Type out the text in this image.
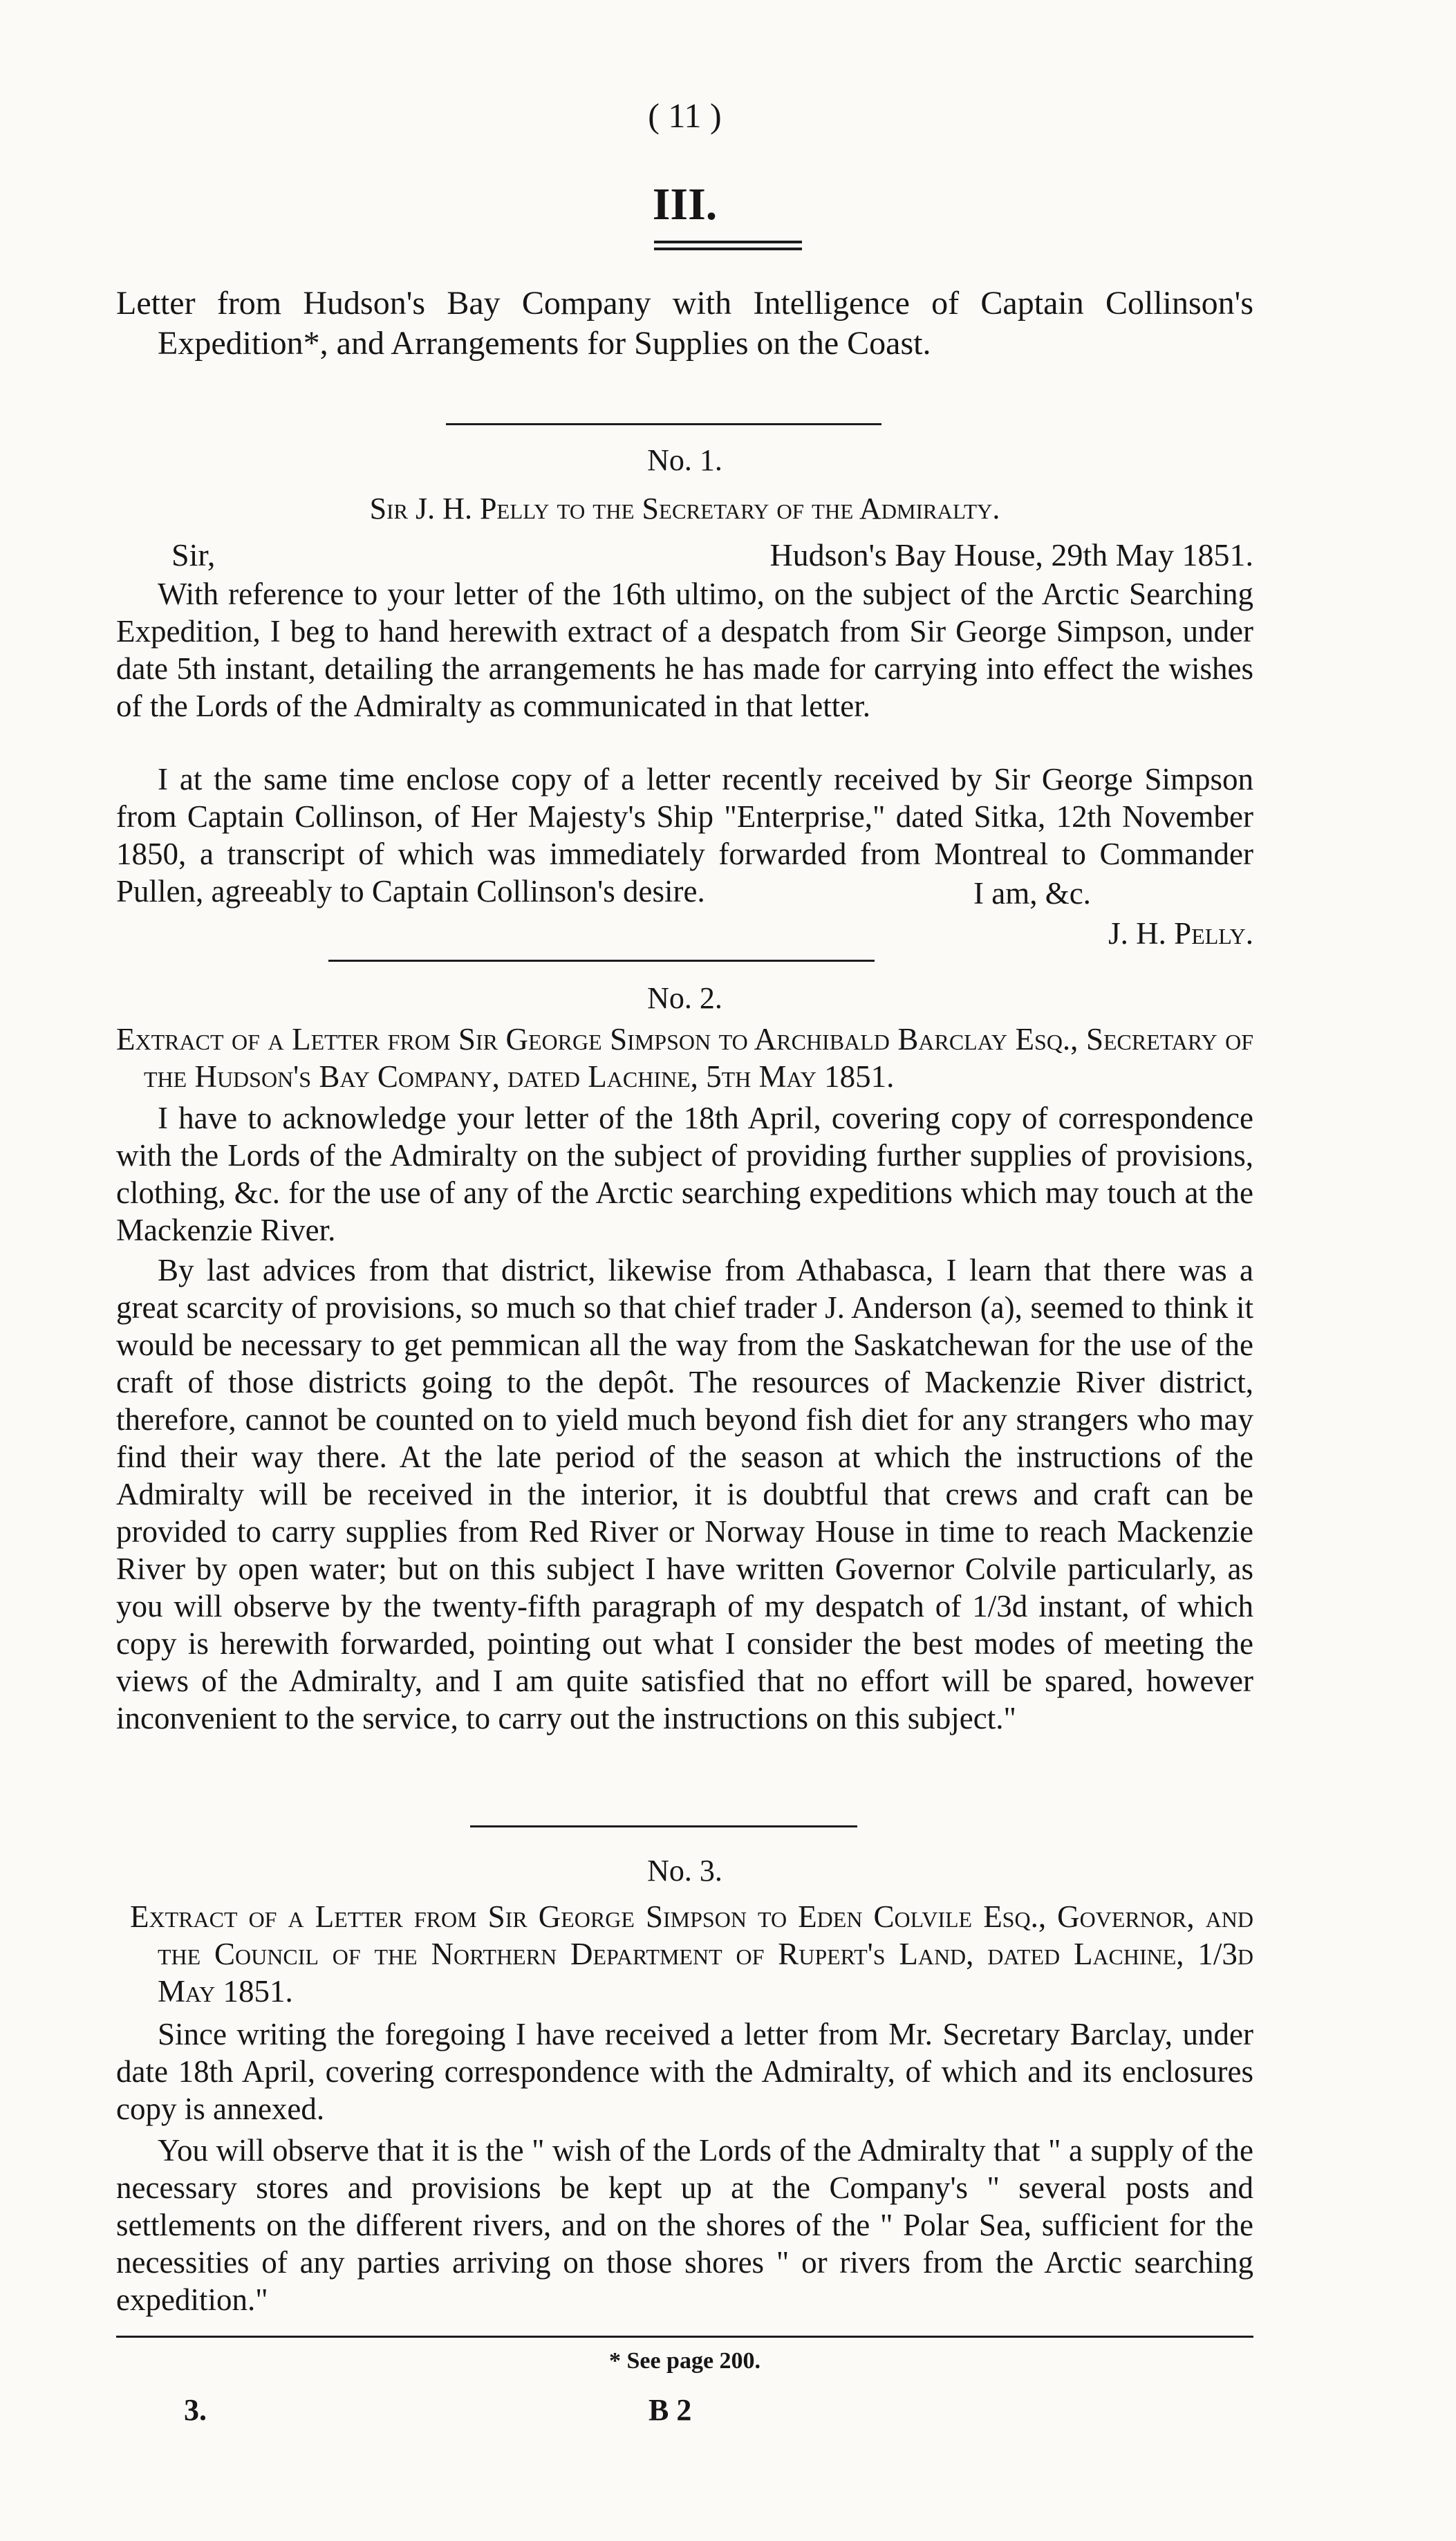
( 11 )
III.

Letter from Hudson's Bay Company with Intelligence of Captain Collinson's Expedition*, and Arrangements for Supplies on the Coast.

No. 1.
Sir J. H. Pelly to the Secretary of the Admiralty.
Sir,	Hudson's Bay House, 29th May 1851.

With reference to your letter of the 16th ultimo, on the subject of the Arctic Searching Expedition, I beg to hand herewith extract of a despatch from Sir George Simpson, under date 5th instant, detailing the arrangements he has made for carrying into effect the wishes of the Lords of the Admiralty as communicated in that letter.

I at the same time enclose copy of a letter recently received by Sir George Simpson from Captain Collinson, of Her Majesty's Ship "Enterprise," dated Sitka, 12th November 1850, a transcript of which was immediately forwarded from Montreal to Commander Pullen, agreeably to Captain Collinson's desire.	I am, &c.
J. H. Pelly.
No. 2.

Extract of a Letter from Sir George Simpson to Archibald Barclay Esq., Secretary of the Hudson's Bay Company, dated Lachine, 5th May 1851.

I have to acknowledge your letter of the 18th April, covering copy of correspondence with the Lords of the Admiralty on the subject of providing further supplies of provisions, clothing, &c. for the use of any of the Arctic searching expeditions which may touch at the Mackenzie River.

By last advices from that district, likewise from Athabasca, I learn that there was a great scarcity of provisions, so much so that chief trader J. Anderson (a), seemed to think it would be necessary to get pemmican all the way from the Saskatchewan for the use of the craft of those districts going to the depôt. The resources of Mackenzie River district, therefore, cannot be counted on to yield much beyond fish diet for any strangers who may find their way there. At the late period of the season at which the instructions of the Admiralty will be received in the interior, it is doubtful that crews and craft can be provided to carry supplies from Red River or Norway House in time to reach Mackenzie River by open water; but on this subject I have written Governor Colvile particularly, as you will observe by the twenty-fifth paragraph of my despatch of 1/3d instant, of which copy is herewith forwarded, pointing out what I consider the best modes of meeting the views of the Admiralty, and I am quite satisfied that no effort will be spared, however inconvenient to the service, to carry out the instructions on this subject."

No. 3.

Extract of a Letter from Sir George Simpson to Eden Colvile Esq., Governor, and the Council of the Northern Department of Rupert's Land, dated Lachine, 1/3d May 1851.

Since writing the foregoing I have received a letter from Mr. Secretary Barclay, under date 18th April, covering correspondence with the Admiralty, of which and its enclosures copy is annexed.

You will observe that it is the " wish of the Lords of the Admiralty that " a supply of the necessary stores and provisions be kept up at the Company's " several posts and settlements on the different rivers, and on the shores of the " Polar Sea, sufficient for the necessities of any parties arriving on those shores " or rivers from the Arctic searching expedition."

* See page 200.
3.	B 2
